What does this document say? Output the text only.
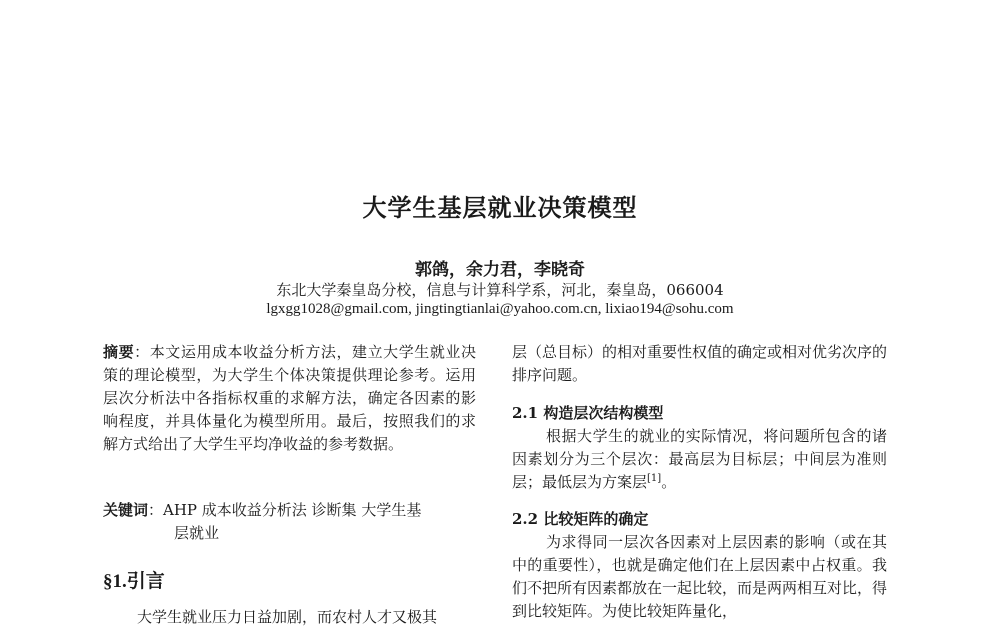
大学生基层就业决策模型
郭鸽，余力君，李晓奇
东北大学秦皇岛分校，信息与计算科学系，河北，秦皇岛，066004
lgxgg1028@gmail.com, jingtingtianlai@yahoo.com.cn, lixiao194@sohu.com
摘要：本文运用成本收益分析方法，建立大学生就业决策的理论模型，为大学生个体决策提供理论参考。运用层次分析法中各指标权重的求解方法，确定各因素的影响程度，并具体量化为模型所用。最后，按照我们的求解方式给出了大学生平均净收益的参考数据。
关键词：AHP 成本收益分析法 诊断集 大学生基
层就业
§1.引言
大学生就业压力日益加剧，而农村人才又极其
层（总目标）的相对重要性权值的确定或相对优劣次序的排序问题。
2.1 构造层次结构模型
根据大学生的就业的实际情况，将问题所包含的诸因素划分为三个层次：最高层为目标层；中间层为准则层；最低层为方案层[1]。
2.2 比较矩阵的确定
为求得同一层次各因素对上层因素的影响（或在其中的重要性），也就是确定他们在上层因素中占权重。我们不把所有因素都放在一起比较，而是两两相互对比，得到比较矩阵。为使比较矩阵量化，
